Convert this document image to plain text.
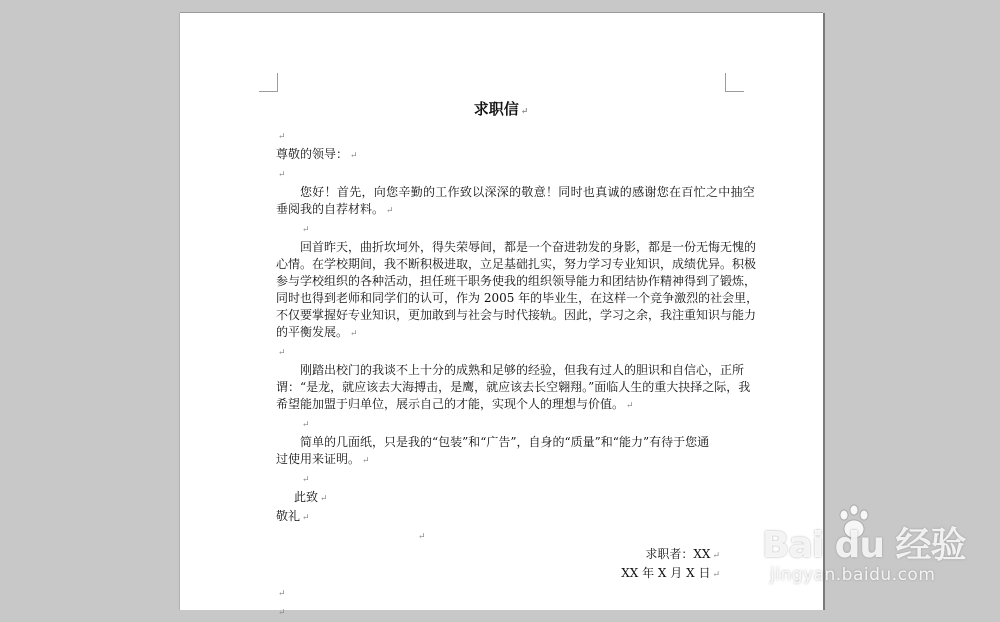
求职信 ↵
↵
尊敬的领导： ↵
↵
您好！首先，向您辛勤的工作致以深深的敬意！同时也真诚的感谢您在百忙之中抽空
垂阅我的自荐材料。 ↵
↵
回首昨天，曲折坎坷外，得失荣辱间，都是一个奋进勃发的身影，都是一份无悔无愧的
心情。在学校期间，我不断积极进取，立足基础扎实，努力学习专业知识，成绩优异。积极
参与学校组织的各种活动，担任班干职务使我的组织领导能力和团结协作精神得到了锻炼，
同时也得到老师和同学们的认可，作为 2005 年的毕业生，在这样一个竞争激烈的社会里，
不仅要掌握好专业知识，更加敢到与社会与时代接轨。因此，学习之余，我注重知识与能力
的平衡发展。 ↵
↵
刚踏出校门的我谈不上十分的成熟和足够的经验，但我有过人的胆识和自信心，正所
谓：“是龙，就应该去大海搏击，是鹰，就应该去长空翱翔。”面临人生的重大抉择之际，我
希望能加盟于归单位，展示自己的才能，实现个人的理想与价值。 ↵
↵
简单的几面纸，只是我的“包装”和“广告”，自身的“质量”和“能力”有待于您通
过使用来证明。 ↵
↵
此致 ↵
敬礼 ↵
↵
求职者：XX ↵
XX 年 X 月 X 日 ↵
↵
↵
Bai du 经验
jingyan.baidu.com
